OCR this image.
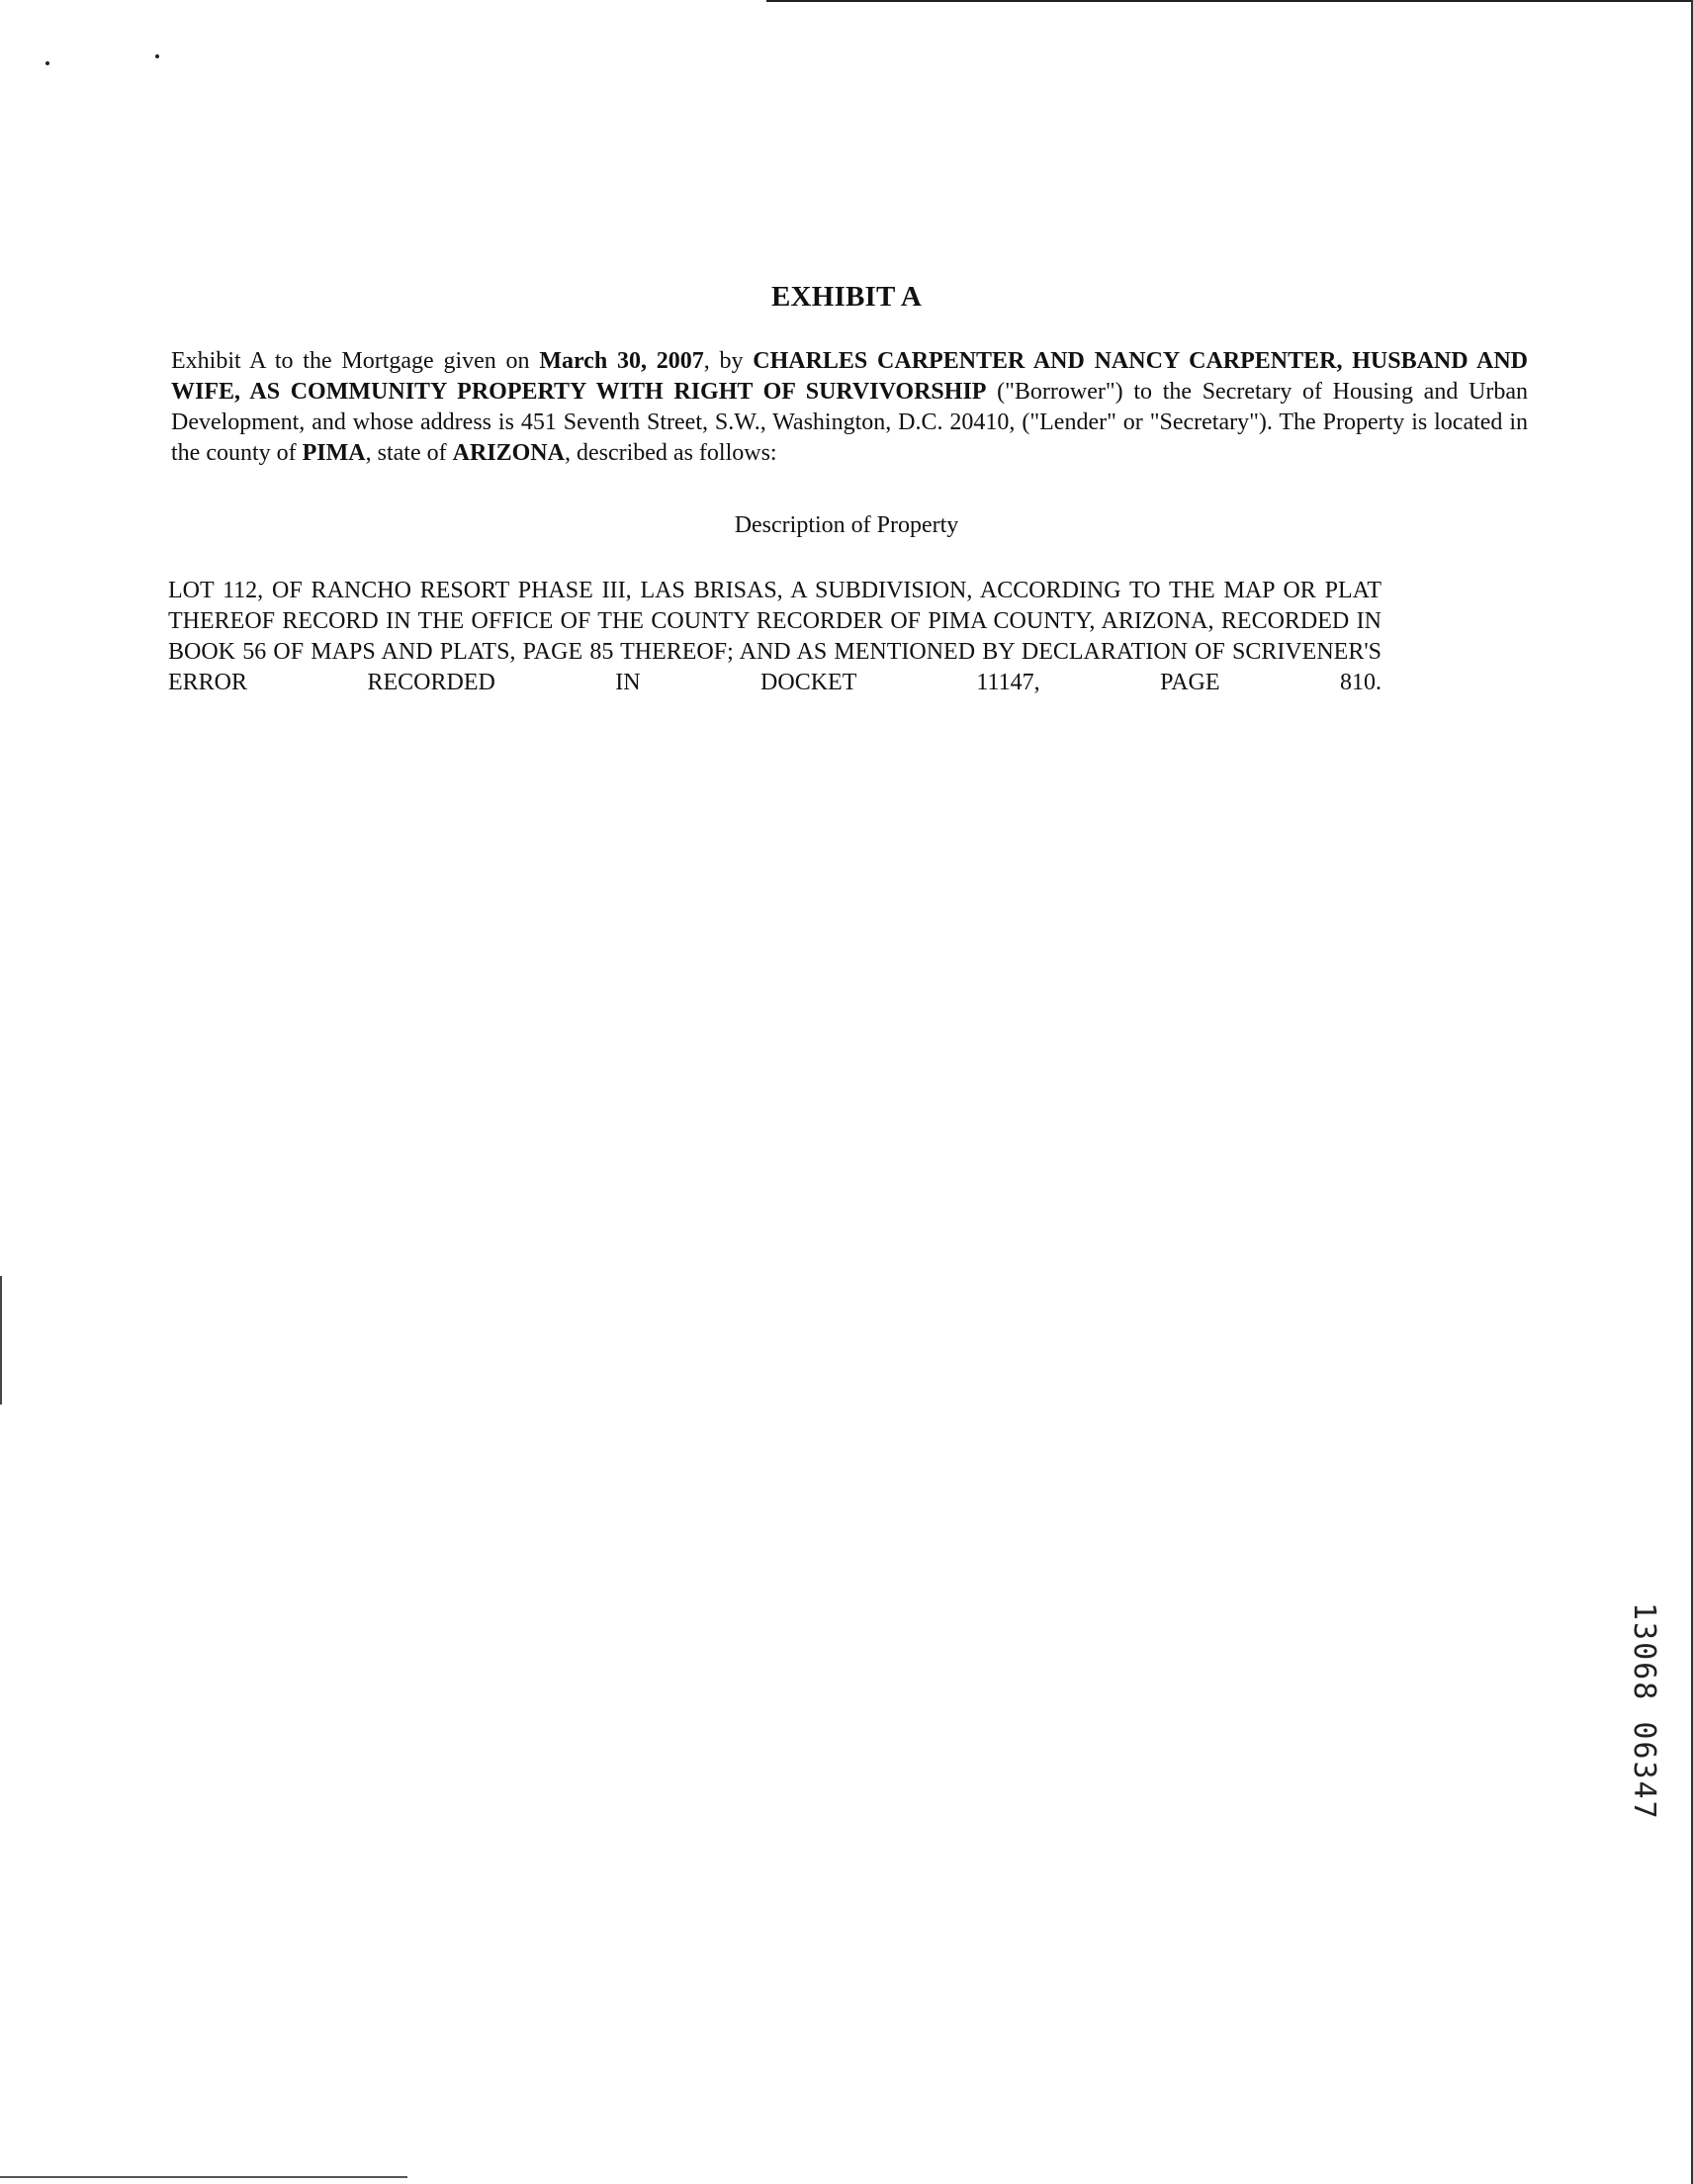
EXHIBIT A
Exhibit A to the Mortgage given on March 30, 2007, by CHARLES CARPENTER AND NANCY CARPENTER, HUSBAND AND WIFE, AS COMMUNITY PROPERTY WITH RIGHT OF SURVIVORSHIP ("Borrower") to the Secretary of Housing and Urban Development, and whose address is 451 Seventh Street, S.W., Washington, D.C. 20410, ("Lender" or "Secretary"). The Property is located in the county of PIMA, state of ARIZONA, described as follows:
Description of Property
LOT 112, OF RANCHO RESORT PHASE III, LAS BRISAS, A SUBDIVISION, ACCORDING TO THE MAP OR PLAT THEREOF RECORD IN THE OFFICE OF THE COUNTY RECORDER OF PIMA COUNTY, ARIZONA, RECORDED IN BOOK 56 OF MAPS AND PLATS, PAGE 85 THEREOF; AND AS MENTIONED BY DECLARATION OF SCRIVENER'S ERROR RECORDED IN DOCKET 11147, PAGE 810.
13068 06347
